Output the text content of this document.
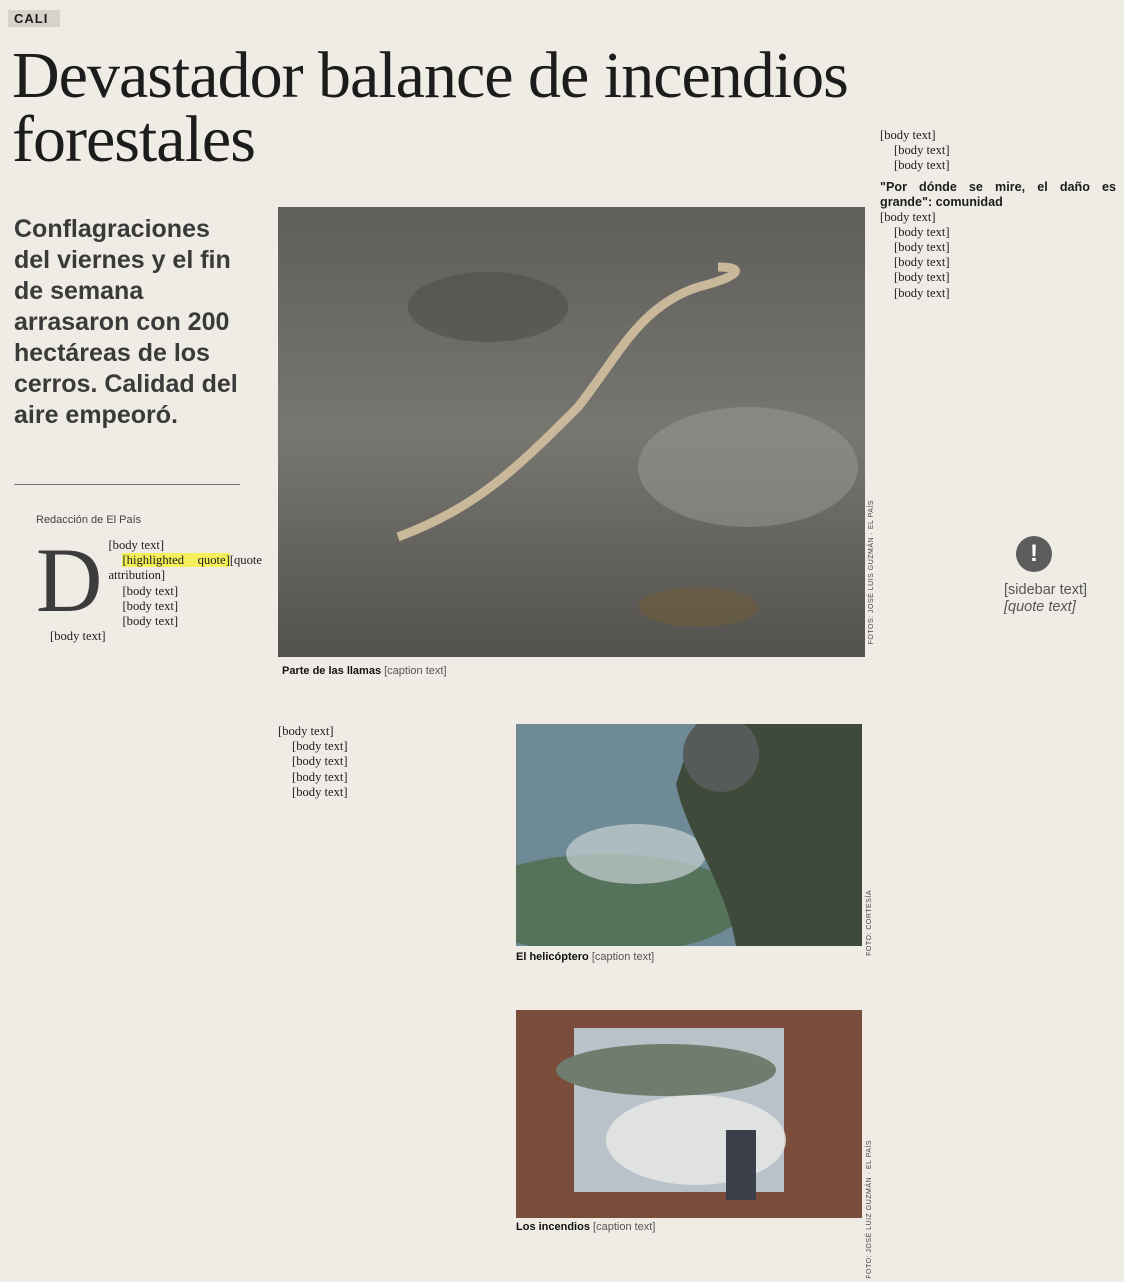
CALI
Devastador balance de incendios forestales
Conflagraciones del viernes y el fin de semana arrasaron con 200 hectáreas de los cerros. Calidad del aire empeoró.
Redacción de El País
D [body text]

[highlighted quote][quote attribution]

[body text]

[body text]

[body text]

[body text]	FOTOS: JOSÉ LUIS GUZMÁN · EL PAÍS
Parte de las llamas [caption text]

[body text]

[body text]

[body text]

[body text]

[body text]

FOTO: CORTESÍA
El helicóptero [caption text]
FOTO: JOSÉ LUIZ GUZMÁN · EL PAÍS
Los incendios [caption text]

[body text]

[body text]

[body text]

"Por dónde se mire, el daño es grande": comunidad

[body text]

[body text]

[body text]

[body text]

[body text]

[body text]

!
[sidebar text] [quote text]
